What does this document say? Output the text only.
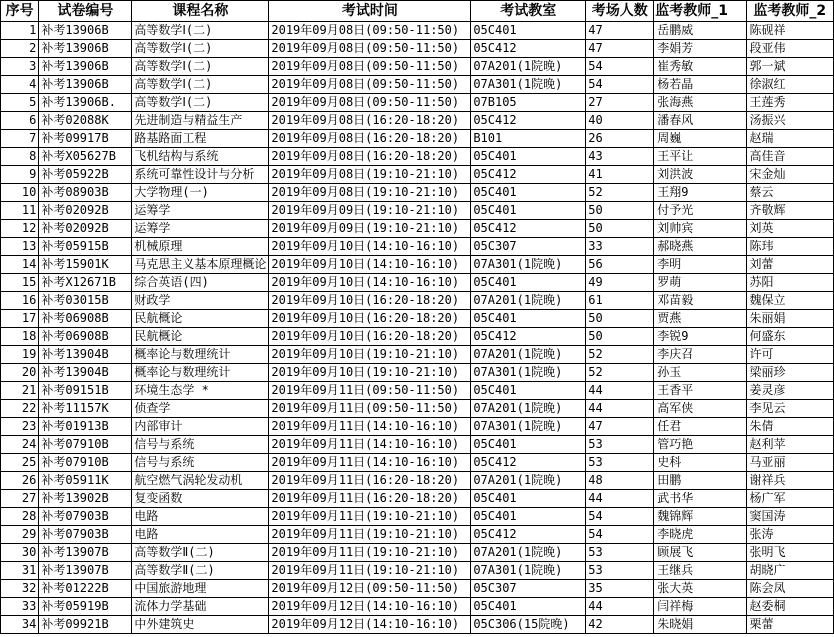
序号	试卷编号	课程名称	考试时间	考试教室	考场人数	监考教师_1	监考教师_2
1	补考13906B	高等数学Ⅰ(二)	2019年09月08日(09:50-11:50)	05C401	47	岳鹏威	陈砚祥
2	补考13906B	高等数学Ⅰ(二)	2019年09月08日(09:50-11:50)	05C412	47	李娟芳	段亚伟
3	补考13906B	高等数学Ⅰ(二)	2019年09月08日(09:50-11:50)	07A201(1院晚)	54	崔秀敏	郭一斌
4	补考13906B	高等数学Ⅰ(二)	2019年09月08日(09:50-11:50)	07A301(1院晚)	54	杨若晶	徐淑红
5	补考13906B.	高等数学Ⅰ(二)	2019年09月08日(09:50-11:50)	07B105	27	张海燕	王莲秀
6	补考02088K	先进制造与精益生产	2019年09月08日(16:20-18:20)	05C412	40	潘春风	汤振兴
7	补考09917B	路基路面工程	2019年09月08日(16:20-18:20)	B101	26	周巍	赵瑞
8	补考X05627B	飞机结构与系统	2019年09月08日(16:20-18:20)	05C401	43	王平让	高佳音
9	补考05922B	系统可靠性设计与分析	2019年09月08日(19:10-21:10)	05C412	41	刘洪波	宋金灿
10	补考08903B	大学物理(一)	2019年09月08日(19:10-21:10)	05C401	52	王翔9	蔡云
11	补考02092B	运筹学	2019年09月09日(19:10-21:10)	05C401	50	付予光	齐敬辉
12	补考02092B	运筹学	2019年09月09日(19:10-21:10)	05C412	50	刘帅宾	刘英
13	补考05915B	机械原理	2019年09月10日(14:10-16:10)	05C307	33	郝晓燕	陈玮
14	补考15901K	马克思主义基本原理概论	2019年09月10日(14:10-16:10)	07A301(1院晚)	56	李明	刘蕾
15	补考X12671B	综合英语(四)	2019年09月10日(14:10-16:10)	05C401	49	罗萌	苏阳
16	补考03015B	财政学	2019年09月10日(16:20-18:20)	07A201(1院晚)	61	邓苗毅	魏保立
17	补考06908B	民航概论	2019年09月10日(16:20-18:20)	05C401	50	贾燕	朱丽娟
18	补考06908B	民航概论	2019年09月10日(16:20-18:20)	05C412	50	李锐9	何盛东
19	补考13904B	概率论与数理统计	2019年09月10日(19:10-21:10)	07A201(1院晚)	52	李庆召	许可
20	补考13904B	概率论与数理统计	2019年09月10日(19:10-21:10)	07A301(1院晚)	52	孙玉	梁丽珍
21	补考09151B	环境生态学 *	2019年09月11日(09:50-11:50)	05C401	44	王香平	姜灵彦
22	补考11157K	侦查学	2019年09月11日(09:50-11:50)	07A201(1院晚)	44	高军侠	李见云
23	补考01913B	内部审计	2019年09月11日(14:10-16:10)	07A301(1院晚)	47	任君	朱倩
24	补考07910B	信号与系统	2019年09月11日(14:10-16:10)	05C401	53	管巧艳	赵利苹
25	补考07910B	信号与系统	2019年09月11日(14:10-16:10)	05C412	53	史科	马亚丽
26	补考05911K	航空燃气涡轮发动机	2019年09月11日(16:20-18:20)	07A201(1院晚)	48	田鹏	谢祥兵
27	补考13902B	复变函数	2019年09月11日(16:20-18:20)	05C401	44	武书华	杨广军
28	补考07903B	电路	2019年09月11日(19:10-21:10)	05C401	54	魏锦辉	窦国涛
29	补考07903B	电路	2019年09月11日(19:10-21:10)	05C412	54	李晓虎	张涛
30	补考13907B	高等数学Ⅱ(二)	2019年09月11日(19:10-21:10)	07A201(1院晚)	53	顾展飞	张明飞
31	补考13907B	高等数学Ⅱ(二)	2019年09月11日(19:10-21:10)	07A301(1院晚)	53	王继兵	胡晓广
32	补考01222B	中国旅游地理	2019年09月12日(09:50-11:50)	05C307	35	张大英	陈会凤
33	补考05919B	流体力学基础	2019年09月12日(14:10-16:10)	05C401	44	闫祥梅	赵委桐
34	补考09921B	中外建筑史	2019年09月12日(14:10-16:10)	05C306(15院晚)	42	朱晓娟	栗蕾
